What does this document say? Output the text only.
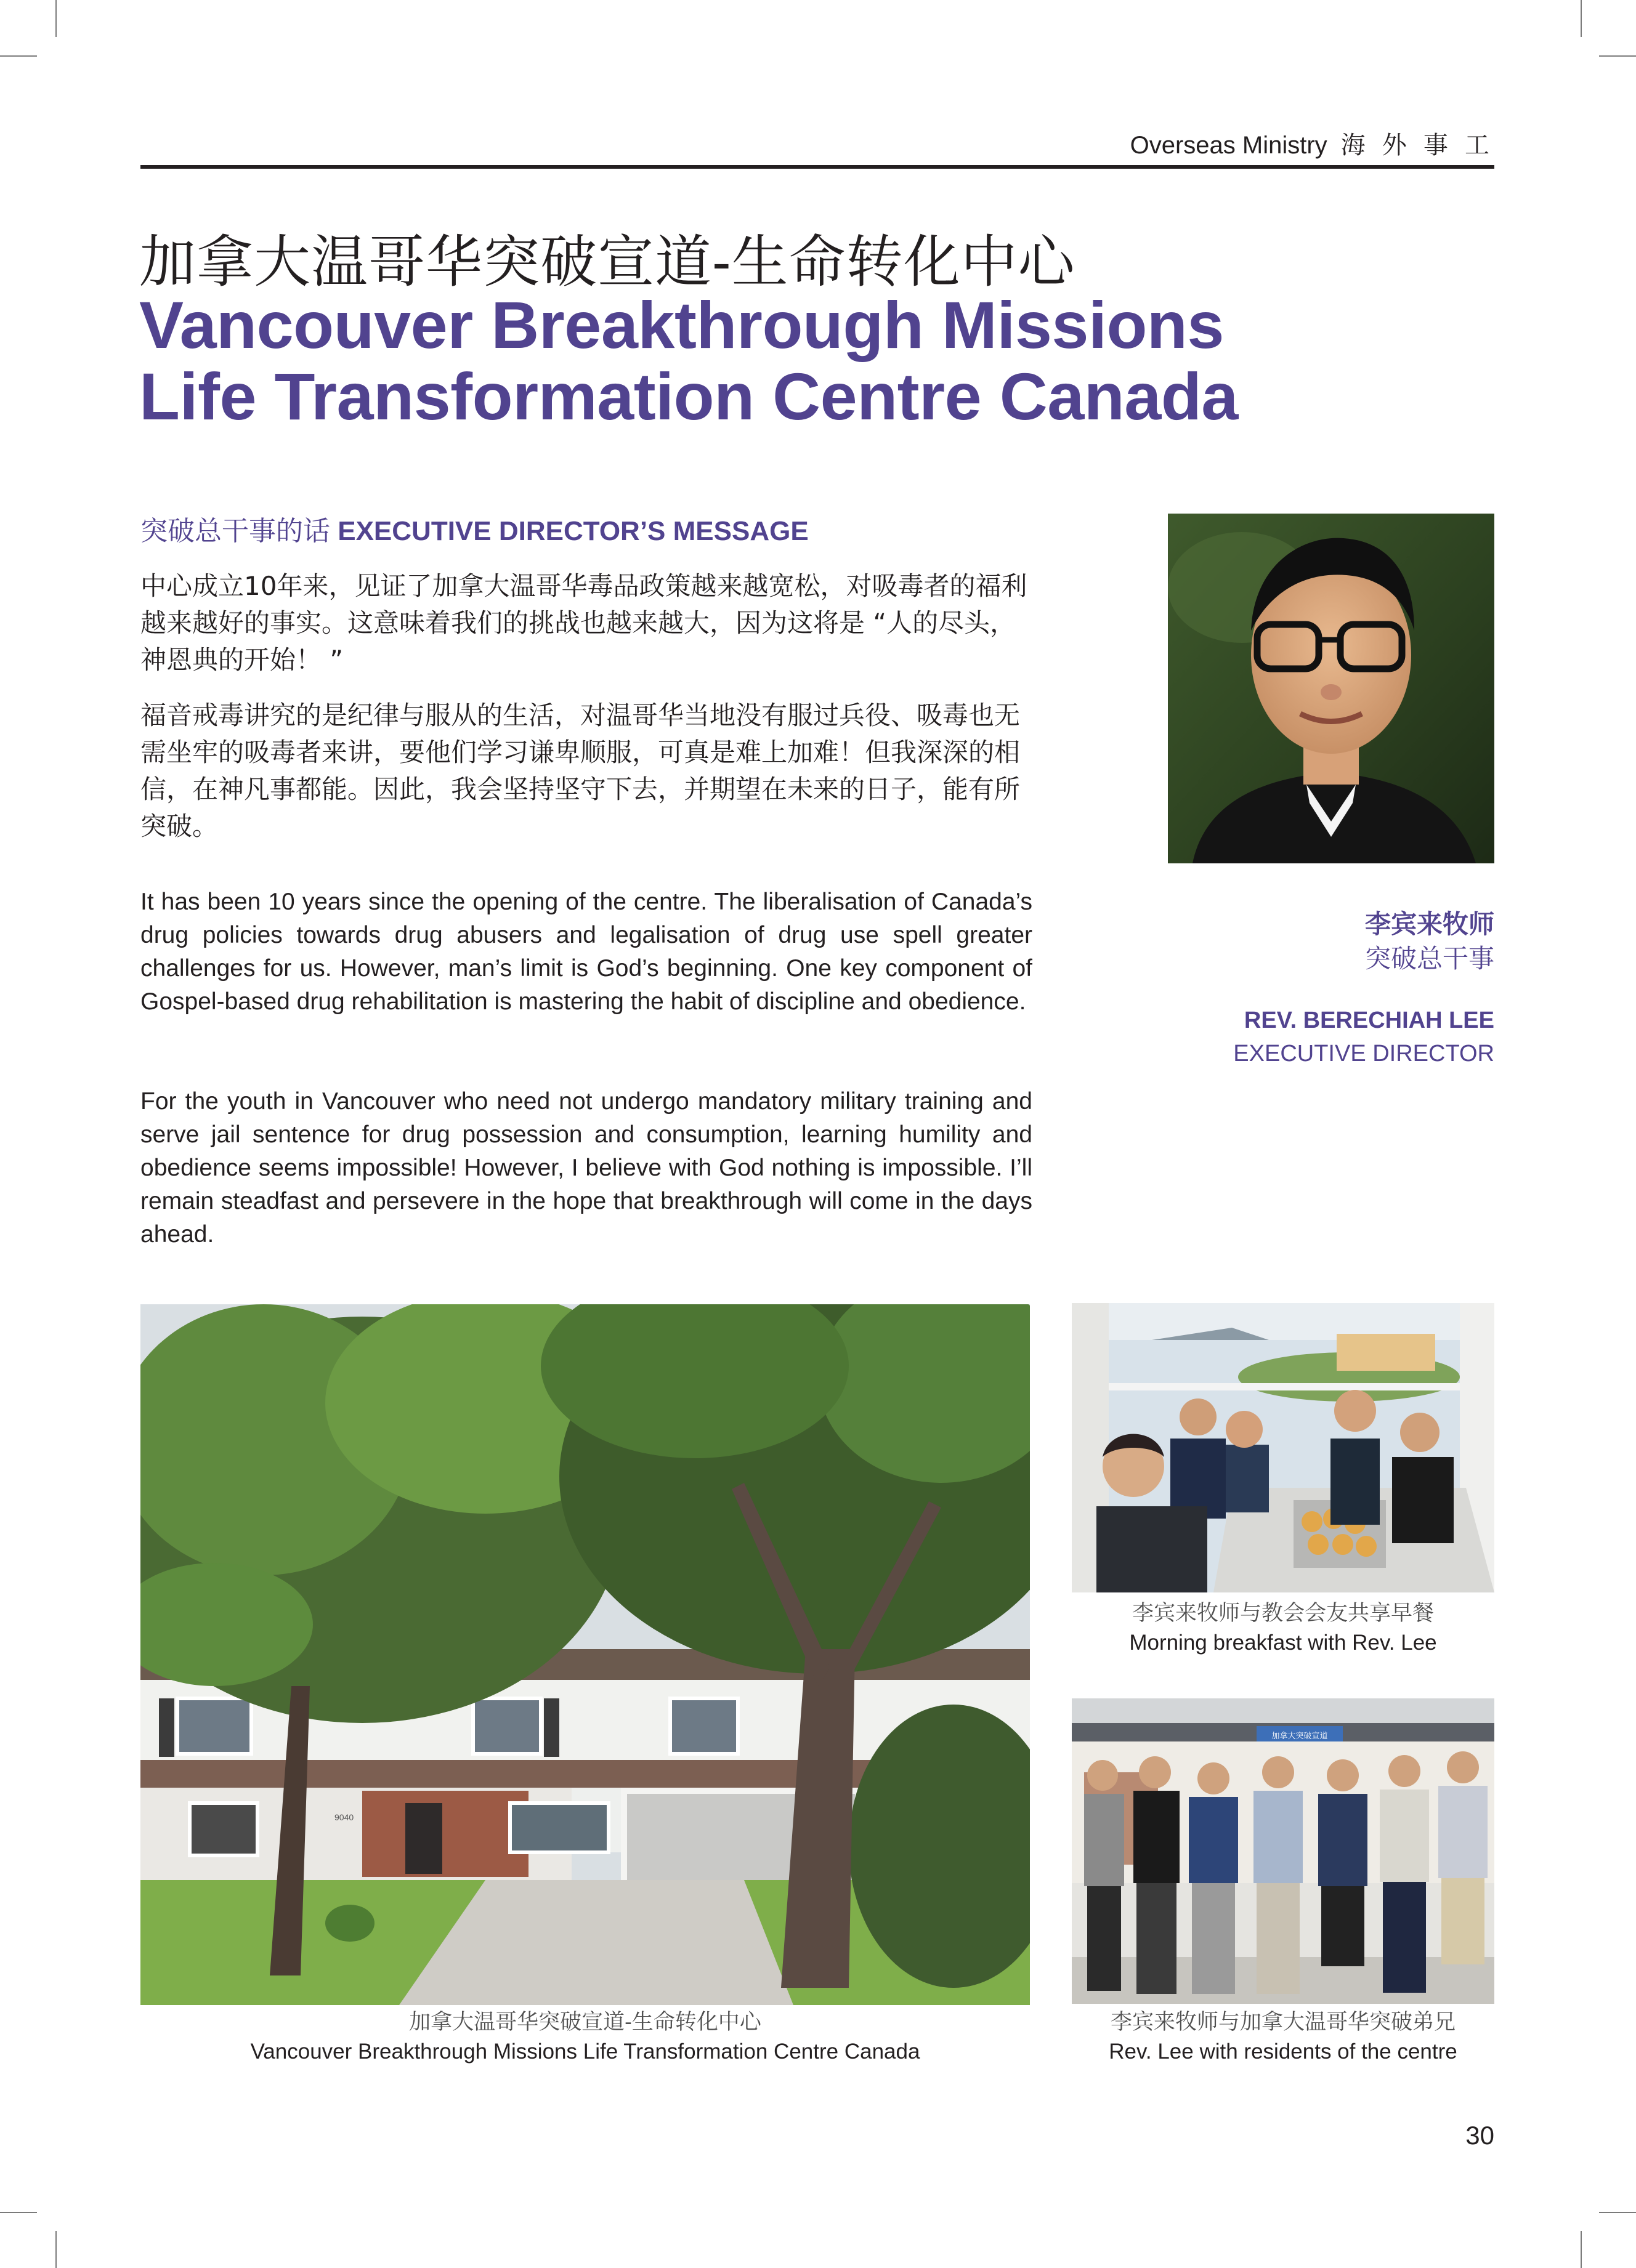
Overseas Ministry 海 外 事 工
加拿大温哥华突破宣道-生命转化中心
Vancouver Breakthrough Missions
Life Transformation Centre Canada
突破总干事的话 EXECUTIVE DIRECTOR’S MESSAGE

中心成立10年来，见证了加拿大温哥华毒品政策越来越宽松，对吸毒者的福利越来越好的事实。这意味着我们的挑战也越来越大，因为这将是 “人的尽头，神恩典的开始！ ”

福音戒毒讲究的是纪律与服从的生活，对温哥华当地没有服过兵役、吸毒也无需坐牢的吸毒者来讲，要他们学习谦卑顺服，可真是难上加难！但我深深的相信，在神凡事都能。因此，我会坚持坚守下去，并期望在未来的日子，能有所突破。

It has been 10 years since the opening of the centre. The liberalisation of Canada’s drug policies towards drug abusers and legalisation of drug use spell greater challenges for us. However, man’s limit is God’s beginning. One key component of Gospel-based drug rehabilitation is mastering the habit of discipline and obedience.

For the youth in Vancouver who need not undergo mandatory military training and serve jail sentence for drug possession and consumption, learning humility and obedience seems impossible! However, I believe with God nothing is impossible. I’ll remain steadfast and persevere in the hope that breakthrough will come in the days ahead.

李宾来牧师
突破总干事
REV. BERECHIAH LEE
EXECUTIVE DIRECTOR
9040
加拿大突破宣道
加拿大温哥华突破宣道-生命转化中心
Vancouver Breakthrough Missions Life Transformation Centre Canada
李宾来牧师与教会会友共享早餐
Morning breakfast with Rev. Lee
李宾来牧师与加拿大温哥华突破弟兄
Rev. Lee with residents of the centre
30
